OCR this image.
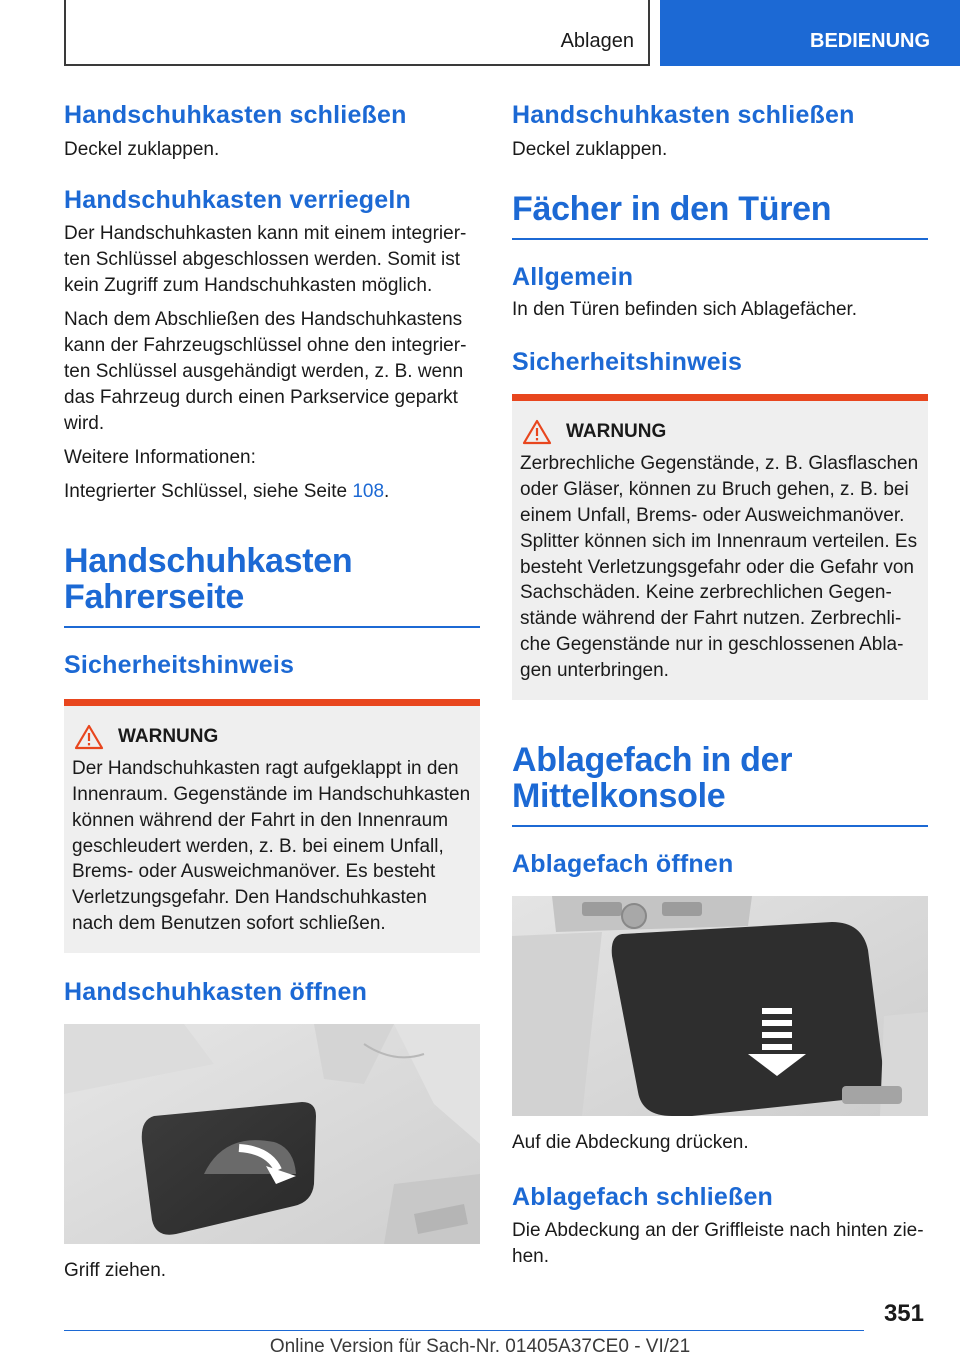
Ablagen	BEDIENUNG
Handschuhkasten schließen
Deckel zuklappen.
Handschuhkasten verriegeln
Der Handschuhkasten kann mit einem integrierten Schlüssel abgeschlossen werden. Somit ist kein Zugriff zum Handschuhkasten möglich.
Nach dem Abschließen des Handschuhkastens kann der Fahrzeugschlüssel ohne den integrierten Schlüssel ausgehändigt werden, z. B. wenn das Fahrzeug durch einen Parkservice geparkt wird.
Weitere Informationen:
Integrierter Schlüssel, siehe Seite 108.
Handschuhkasten Fahrerseite
Sicherheitshinweis
WARNUNG
Der Handschuhkasten ragt aufgeklappt in den Innenraum. Gegenstände im Handschuhkasten können während der Fahrt in den Innenraum geschleudert werden, z. B. bei einem Unfall, Brems- oder Ausweichmanöver. Es besteht Verletzungsgefahr. Den Handschuhkasten nach dem Benutzen sofort schließen.
Handschuhkasten öffnen
Griff ziehen.
Handschuhkasten schließen
Deckel zuklappen.
Fächer in den Türen
Allgemein
In den Türen befinden sich Ablagefächer.
Sicherheitshinweis
WARNUNG
Zerbrechliche Gegenstände, z. B. Glasflaschen oder Gläser, können zu Bruch gehen, z. B. bei einem Unfall, Brems- oder Ausweichmanöver. Splitter können sich im Innenraum verteilen. Es besteht Verletzungsgefahr oder die Gefahr von Sachschäden. Keine zerbrechlichen Gegenstände während der Fahrt nutzen. Zerbrechliche Gegenstände nur in geschlossenen Ablagen unterbringen.
Ablagefach in der Mittelkonsole
Ablagefach öffnen
Auf die Abdeckung drücken.
Ablagefach schließen
Die Abdeckung an der Griffleiste nach hinten ziehen.
351
Online Version für Sach-Nr. 01405A37CE0 - VI/21
